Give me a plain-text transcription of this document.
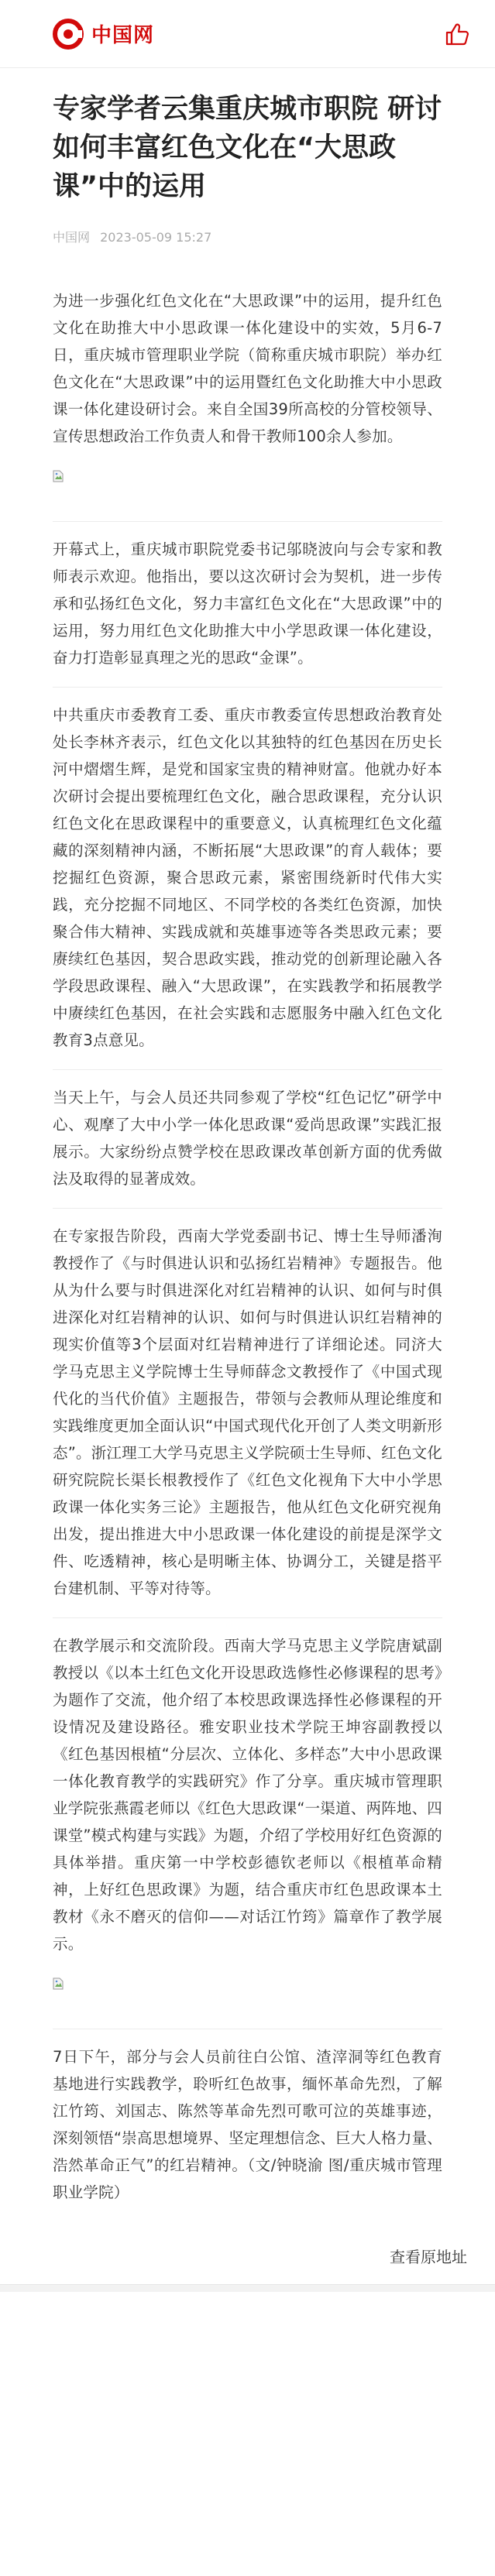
中国网
专家学者云集重庆城市职院 研讨如何丰富红色文化在“大思政课”中的运用
中国网 2023-05-09 15:27

为进一步强化红色文化在“大思政课”中的运用，提升红色文化在助推大中小思政课一体化建设中的实效，5月6-7日，重庆城市管理职业学院（简称重庆城市职院）举办红色文化在“大思政课”中的运用暨红色文化助推大中小思政课一体化建设研讨会。来自全国39所高校的分管校领导、宣传思想政治工作负责人和骨干教师100余人参加。

开幕式上，重庆城市职院党委书记邬晓波向与会专家和教师表示欢迎。他指出，要以这次研讨会为契机，进一步传承和弘扬红色文化，努力丰富红色文化在“大思政课”中的运用，努力用红色文化助推大中小学思政课一体化建设，奋力打造彰显真理之光的思政“金课”。

中共重庆市委教育工委、重庆市教委宣传思想政治教育处处长李林齐表示，红色文化以其独特的红色基因在历史长河中熠熠生辉，是党和国家宝贵的精神财富。他就办好本次研讨会提出要梳理红色文化，融合思政课程，充分认识红色文化在思政课程中的重要意义，认真梳理红色文化蕴藏的深刻精神内涵，不断拓展“大思政课”的育人载体；要挖掘红色资源，聚合思政元素，紧密围绕新时代伟大实践，充分挖掘不同地区、不同学校的各类红色资源，加快聚合伟大精神、实践成就和英雄事迹等各类思政元素；要赓续红色基因，契合思政实践，推动党的创新理论融入各学段思政课程、融入“大思政课”，在实践教学和拓展教学中赓续红色基因，在社会实践和志愿服务中融入红色文化教育3点意见。

当天上午，与会人员还共同参观了学校“红色记忆”研学中心、观摩了大中小学一体化思政课“爱尚思政课”实践汇报展示。大家纷纷点赞学校在思政课改革创新方面的优秀做法及取得的显著成效。

在专家报告阶段，西南大学党委副书记、博士生导师潘洵教授作了《与时俱进认识和弘扬红岩精神》专题报告。他从为什么要与时俱进深化对红岩精神的认识、如何与时俱进深化对红岩精神的认识、如何与时俱进认识红岩精神的现实价值等3个层面对红岩精神进行了详细论述。同济大学马克思主义学院博士生导师薛念文教授作了《中国式现代化的当代价值》主题报告，带领与会教师从理论维度和实践维度更加全面认识“中国式现代化开创了人类文明新形态”。浙江理工大学马克思主义学院硕士生导师、红色文化研究院院长渠长根教授作了《红色文化视角下大中小学思政课一体化实务三论》主题报告，他从红色文化研究视角出发，提出推进大中小思政课一体化建设的前提是深学文件、吃透精神，核心是明晰主体、协调分工，关键是搭平台建机制、平等对待等。

在教学展示和交流阶段。西南大学马克思主义学院唐斌副教授以《以本土红色文化开设思政选修性必修课程的思考》为题作了交流，他介绍了本校思政课选择性必修课程的开设情况及建设路径。雅安职业技术学院王坤容副教授以《红色基因根植“分层次、立体化、多样态”大中小思政课一体化教育教学的实践研究》作了分享。重庆城市管理职业学院张燕霞老师以《红色大思政课“一渠道、两阵地、四课堂”模式构建与实践》为题，介绍了学校用好红色资源的具体举措。重庆第一中学校彭德钦老师以《根植革命精神，上好红色思政课》为题，结合重庆市红色思政课本土教材《永不磨灭的信仰——对话江竹筠》篇章作了教学展示。

7日下午，部分与会人员前往白公馆、渣滓洞等红色教育基地进行实践教学，聆听红色故事，缅怀革命先烈，了解江竹筠、刘国志、陈然等革命先烈可歌可泣的英雄事迹，深刻领悟“崇高思想境界、坚定理想信念、巨大人格力量、浩然革命正气”的红岩精神。（文/钟晓渝 图/重庆城市管理职业学院）

查看原地址
